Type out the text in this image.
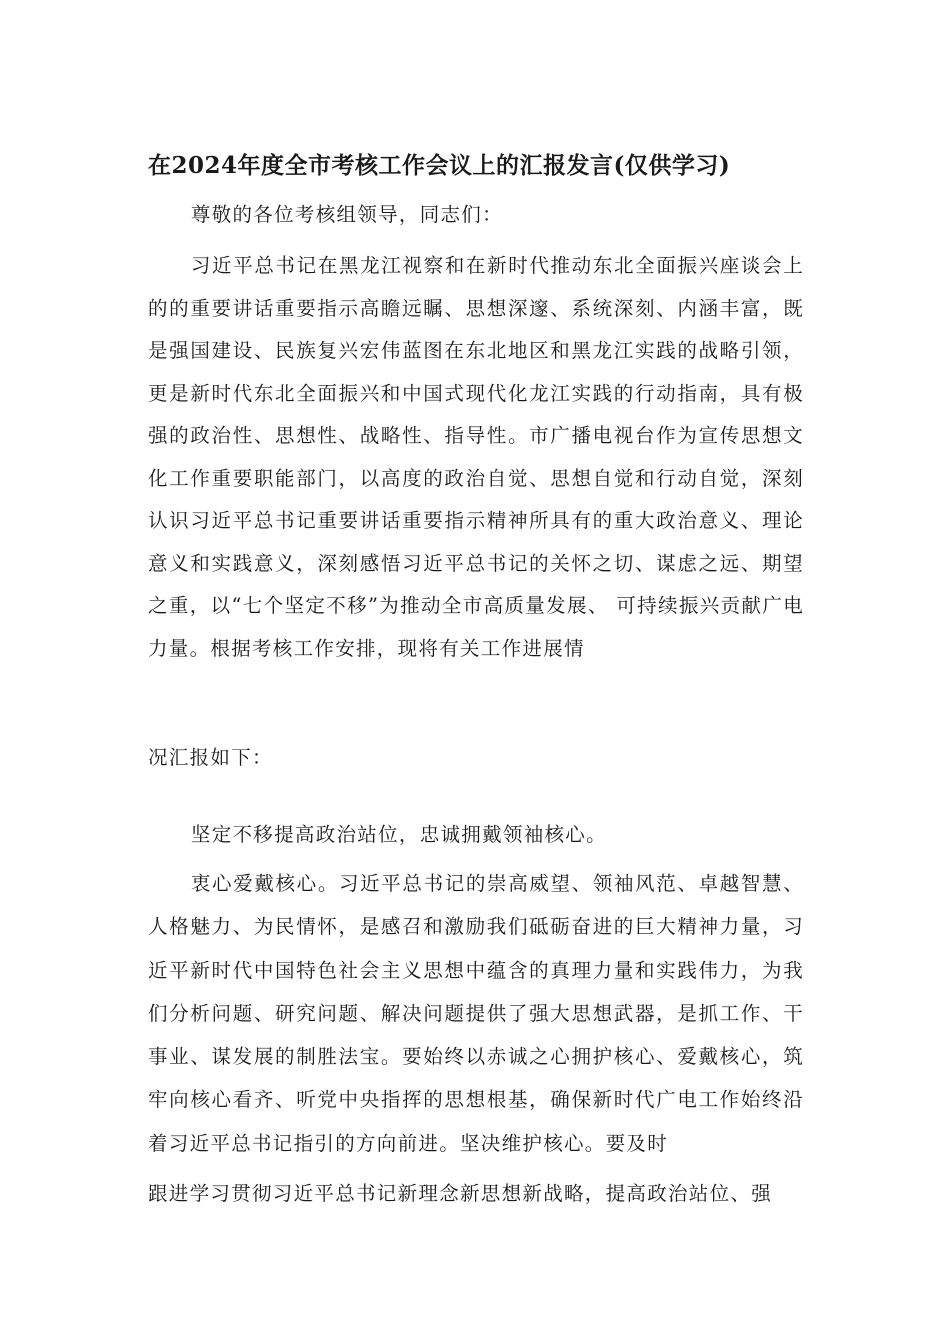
在2024年度全市考核工作会议上的汇报发言(仅供学习)

尊敬的各位考核组领导，同志们：

习近平总书记在黑龙江视察和在新时代推动东北全面振兴座谈会上的的重要讲话重要指示高瞻远瞩、思想深邃、系统深刻、内涵丰富，既是强国建设、民族复兴宏伟蓝图在东北地区和黑龙江实践的战略引领，更是新时代东北全面振兴和中国式现代化龙江实践的行动指南，具有极强的政治性、思想性、战略性、指导性。市广播电视台作为宣传思想文化工作重要职能部门，以高度的政治自觉、思想自觉和行动自觉，深刻认识习近平总书记重要讲话重要指示精神所具有的重大政治意义、理论意义和实践意义，深刻感悟习近平总书记的关怀之切、谋虑之远、期望之重，以“七个坚定不移”为推动全市高质量发展、 可持续振兴贡献广电力量。根据考核工作安排，现将有关工作进展情

况汇报如下：

坚定不移提高政治站位，忠诚拥戴领袖核心。

衷心爱戴核心。习近平总书记的崇高威望、领袖风范、卓越智慧、人格魅力、为民情怀，是感召和激励我们砥砺奋进的巨大精神力量，习近平新时代中国特色社会主义思想中蕴含的真理力量和实践伟力，为我们分析问题、研究问题、解决问题提供了强大思想武器，是抓工作、干事业、谋发展的制胜法宝。要始终以赤诚之心拥护核心、爱戴核心，筑牢向核心看齐、听党中央指挥的思想根基，确保新时代广电工作始终沿着习近平总书记指引的方向前进。坚决维护核心。要及时

跟进学习贯彻习近平总书记新理念新思想新战略，提高政治站位、强
